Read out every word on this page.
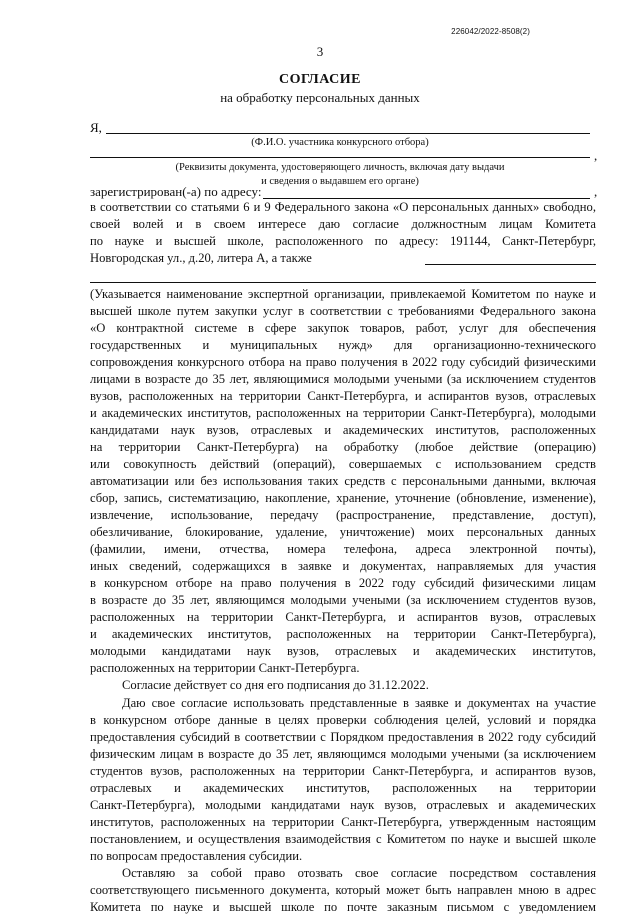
226042/2022-8508(2)
3
СОГЛАСИЕ
на обработку персональных данных
Я,
(Ф.И.О. участника конкурсного отбора)
,
(Реквизиты документа, удостоверяющего личность, включая дату выдачи
и сведения о выдавшем его органе)
зарегистрирован(-а) по адресу:	,
в соответствии со статьями 6 и 9 Федерального закона «О персональных данных» свободно,
своей волей и в своем интересе даю согласие должностным лицам Комитета
по науке и высшей школе, расположенного по адресу: 191144, Санкт-Петербург,
Новгородская ул., д.20, литера А, а также
(Указывается наименование экспертной организации, привлекаемой Комитетом по науке и
высшей школе путем закупки услуг в соответствии с требованиями Федерального закона
«О контрактной системе в сфере закупок товаров, работ, услуг для обеспечения
государственных и муниципальных нужд» для организационно-технического
сопровождения конкурсного отбора на право получения в 2022 году субсидий физическими
лицами в возрасте до 35 лет, являющимися молодыми учеными (за исключением студентов
вузов, расположенных на территории Санкт-Петербурга, и аспирантов вузов, отраслевых
и академических институтов, расположенных на территории Санкт-Петербурга), молодыми
кандидатами наук вузов, отраслевых и академических институтов, расположенных
на территории Санкт-Петербурга) на обработку (любое действие (операцию)
или совокупность действий (операций), совершаемых с использованием средств
автоматизации или без использования таких средств с персональными данными, включая
сбор, запись, систематизацию, накопление, хранение, уточнение (обновление, изменение),
извлечение, использование, передачу (распространение, представление, доступ),
обезличивание, блокирование, удаление, уничтожение) моих персональных данных
(фамилии, имени, отчества, номера телефона, адреса электронной почты),
иных сведений, содержащихся в заявке и документах, направляемых для участия
в конкурсном отборе на право получения в 2022 году субсидий физическими лицам
в возрасте до 35 лет, являющимся молодыми учеными (за исключением студентов вузов,
расположенных на территории Санкт-Петербурга, и аспирантов вузов, отраслевых
и академических институтов, расположенных на территории Санкт-Петербурга),
молодыми кандидатами наук вузов, отраслевых и академических институтов,
расположенных на территории Санкт-Петербурга.
Согласие действует со дня его подписания до 31.12.2022.
Даю свое согласие использовать представленные в заявке и документах на участие
в конкурсном отборе данные в целях проверки соблюдения целей, условий и порядка
предоставления субсидий в соответствии с Порядком предоставления в 2022 году субсидий
физическим лицам в возрасте до 35 лет, являющимся молодыми учеными (за исключением
студентов вузов, расположенных на территории Санкт-Петербурга, и аспирантов вузов,
отраслевых и академических институтов, расположенных на территории
Санкт-Петербурга), молодыми кандидатами наук вузов, отраслевых и академических
институтов, расположенных на территории Санкт-Петербурга, утвержденным настоящим
постановлением, и осуществления взаимодействия с Комитетом по науке и высшей школе
по вопросам предоставления субсидии.
Оставляю за собой право отозвать свое согласие посредством составления
соответствующего письменного документа, который может быть направлен мною в адрес
Комитета по науке и высшей школе по почте заказным письмом с уведомлением
